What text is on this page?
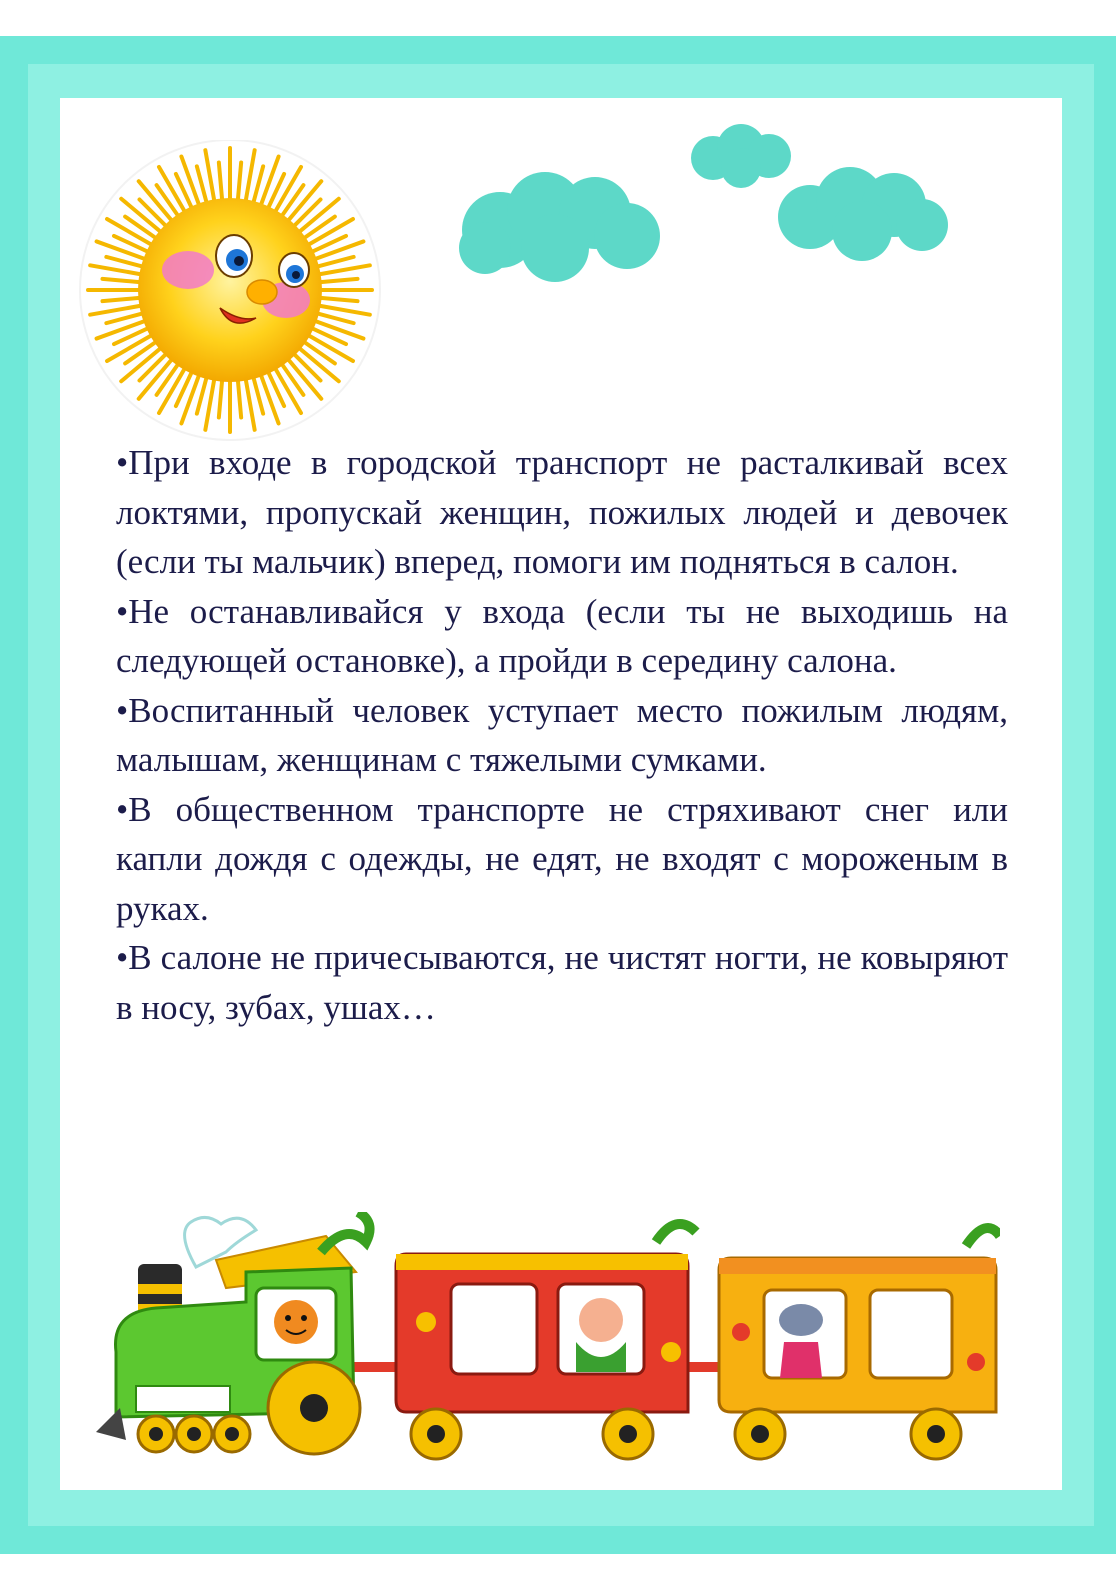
•При входе в городской транспорт не расталкивай всех локтями, пропускай женщин, пожилых людей и девочек (если ты мальчик) вперед, помоги им подняться в салон.
•Не останавливайся у входа (если ты не выходишь на следующей остановке), а пройди в середину салона.
•Воспитанный человек уступает место пожилым людям, малышам, женщинам с тяжелыми сумками.
•В общественном транспорте не стряхивают снег или капли дождя с одежды, не едят, не входят с мороженым в руках.
•В салоне не причесываются, не чистят ногти, не ковыряют в носу, зубах, ушах…
